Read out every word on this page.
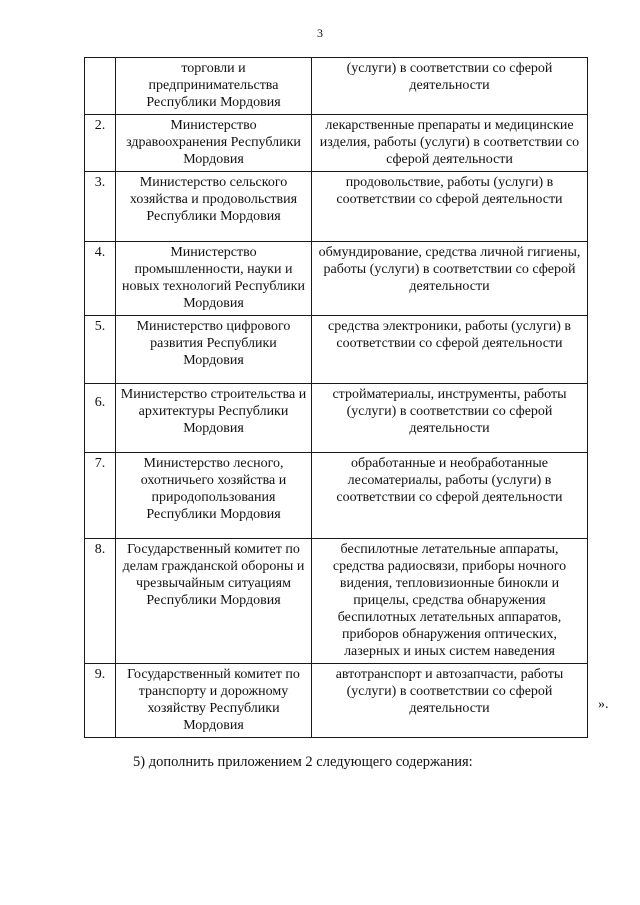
3
	торговли и предпринимательства Республики Мордовия	(услуги) в соответствии со сферой деятельности
2.	Министерство здравоохранения Республики Мордовия	лекарственные препараты и медицинские изделия, работы (услуги) в соответствии со сферой деятельности
3.	Министерство сельского хозяйства и продовольствия Республики Мордовия	продовольствие, работы (услуги) в соответствии со сферой деятельности
4.	Министерство промышленности, науки и новых технологий Республики Мордовия	обмундирование, средства личной гигиены, работы (услуги) в соответствии со сферой деятельности
5.	Министерство цифрового развития Республики Мордовия	средства электроники, работы (услуги) в соответствии со сферой деятельности
6.	Министерство строительства и архитектуры Республики Мордовия	стройматериалы, инструменты, работы (услуги) в соответствии со сферой деятельности
7.	Министерство лесного, охотничьего хозяйства и природопользования Республики Мордовия	обработанные и необработанные лесоматериалы, работы (услуги) в соответствии со сферой деятельности
8.	Государственный комитет по делам гражданской обороны и чрезвычайным ситуациям Республики Мордовия	беспилотные летательные аппараты, средства радиосвязи, приборы ночного видения, тепловизионные бинокли и прицелы, средства обнаружения беспилотных летательных аппаратов, приборов обнаружения оптических, лазерных и иных систем наведения
9.	Государственный комитет по транспорту и дорожному хозяйству Республики Мордовия	автотранспорт и автозапчасти, работы (услуги) в соответствии со сферой деятельности	».
5) дополнить приложением 2 следующего содержания:
